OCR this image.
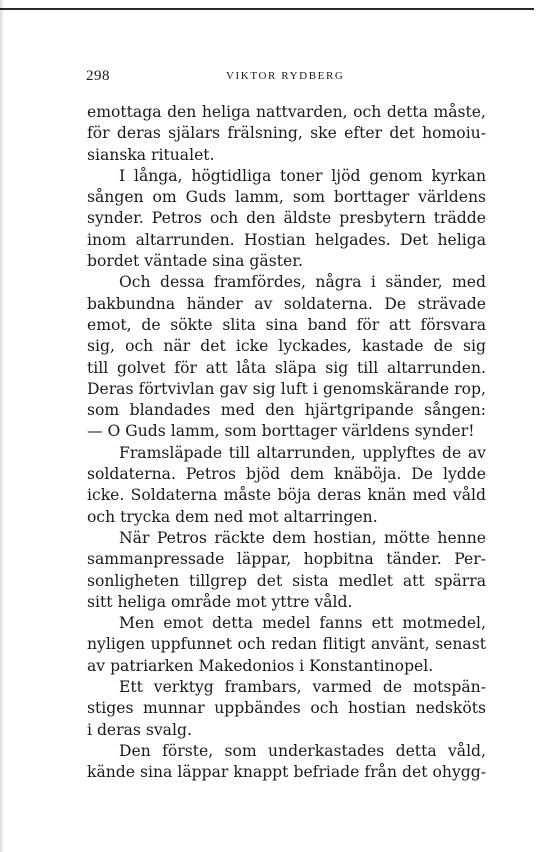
298	VIKTOR RYDBERG
emottaga den heliga nattvarden, och detta måste,
för deras själars frälsning, ske efter det homoiu-
sianska ritualet.
I långa, högtidliga toner ljöd genom kyrkan
sången om Guds lamm, som borttager världens
synder. Petros och den äldste presbytern trädde
inom altarrunden. Hostian helgades. Det heliga
bordet väntade sina gäster.
Och dessa framfördes, några i sänder, med
bakbundna händer av soldaterna. De strävade
emot, de sökte slita sina band för att försvara
sig, och när det icke lyckades, kastade de sig
till golvet för att låta släpa sig till altarrunden.
Deras förtvivlan gav sig luft i genomskärande rop,
som blandades med den hjärtgripande sången:
— O Guds lamm, som borttager världens synder!
Framsläpade till altarrunden, upplyftes de av
soldaterna. Petros bjöd dem knäböja. De lydde
icke. Soldaterna måste böja deras knän med våld
och trycka dem ned mot altarringen.
När Petros räckte dem hostian, mötte henne
sammanpressade läppar, hopbitna tänder. Per-
sonligheten tillgrep det sista medlet att spärra
sitt heliga område mot yttre våld.
Men emot detta medel fanns ett motmedel,
nyligen uppfunnet och redan flitigt använt, senast
av patriarken Makedonios i Konstantinopel.
Ett verktyg frambars, varmed de motspän-
stiges munnar uppbändes och hostian nedsköts
i deras svalg.
Den förste, som underkastades detta våld,
kände sina läppar knappt befriade från det ohygg-
